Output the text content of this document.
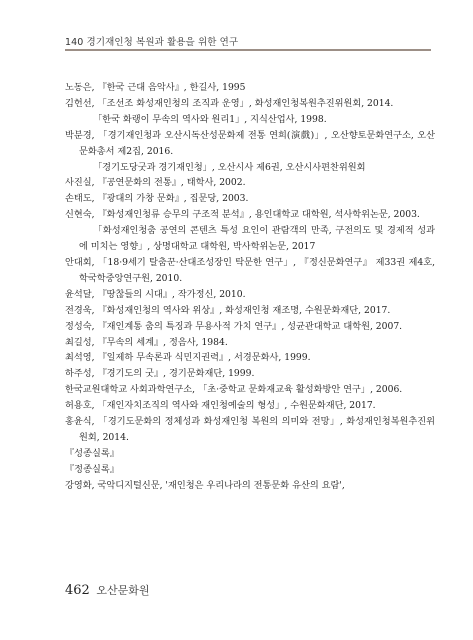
140 경기재인청 복원과 활용을 위한 연구
노동은, 『한국 근대 음악사』, 한길사, 1995
김헌선, 「조선조 화성재인청의 조직과 운영」, 화성재인청복원추진위원회, 2014.
「한국 화랭이 무속의 역사와 원리1」, 지식산업사, 1998.
박분경, 「경기재인청과 오산시독산성문화제 전통 연희(演戲)」, 오산향토문화연구소, 오산문화총서 제2집, 2016.
「경기도당굿과 경기재인청」, 오산시사 제6권, 오산시사편찬위원회
사진실, 『공연문화의 전통』, 태학사, 2002.
손태도, 『광대의 가창 문화』, 집문당, 2003.
신현숙, 『화성재인청류 승무의 구조적 분석』, 용인대학교 대학원, 석사학위논문, 2003.
「화성재인청춤 공연의 콘텐츠 특성 요인이 관람객의 만족, 구전의도 및 경제적 성과에 미치는 영향」, 상명대학교 대학원, 박사학위논문, 2017
안대회, 「18·9세기 탈춤꾼·산대조성장인 탁문한 연구」, 『정신문화연구』 제33권 제4호, 학국학중앙연구원, 2010.
윤석달, 『땅찮들의 시대』, 작가정신, 2010.
전경욱, 『화성재인청의 역사와 위상』, 화성재인청 재조명, 수원문화재단, 2017.
정성숙, 『재인계통 춤의 특징과 무용사적 가치 연구』, 성균관대학교 대학원, 2007.
최길성, 『무속의 세계』, 정음사, 1984.
최석영, 『일제하 무속론과 식민지권력』, 서경문화사, 1999.
하주성, 『경기도의 굿』, 경기문화재단, 1999.
한국교원대학교 사회과학연구소, 「초·중학교 문화재교육 활성화방안 연구」, 2006.
허용호, 「재인자치조직의 역사와 재인청예술의 형성」, 수원문화재단, 2017.
홍윤식, 「경기도문화의 정체성과 화성재인청 복원의 의미와 전망」, 화성재인청복원추진위원회, 2014.
『성종실록』
『정종실록』
강영화, 국악디지털신문, '재인청은 우리나라의 전통문화 유산의 요람',
462 오산문화원
